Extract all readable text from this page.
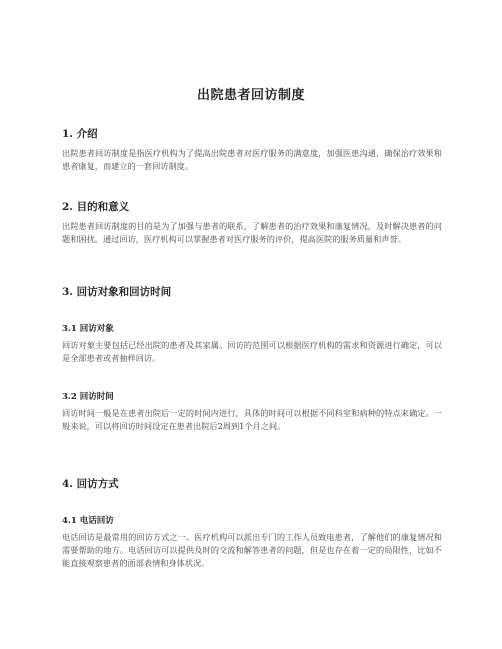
出院患者回访制度
1. 介绍

出院患者回访制度是指医疗机构为了提高出院患者对医疗服务的满意度，加强医患沟通，确保治疗效果和患者康复，而建立的一套回访制度。

2. 目的和意义

出院患者回访制度的目的是为了加强与患者的联系，了解患者的治疗效果和康复情况，及时解决患者的问题和困扰。通过回访，医疗机构可以掌握患者对医疗服务的评价，提高医院的服务质量和声誉。

3. 回访对象和回访时间
3.1 回访对象

回访对象主要包括已经出院的患者及其家属。回访的范围可以根据医疗机构的需求和资源进行确定，可以是全部患者或者抽样回访。

3.2 回访时间

回访时间一般是在患者出院后一定的时间内进行，具体的时间可以根据不同科室和病种的特点来确定。一般来说，可以将回访时间设定在患者出院后2周到1个月之间。

4. 回访方式
4.1 电话回访

电话回访是最常用的回访方式之一。医疗机构可以派出专门的工作人员致电患者，了解他们的康复情况和需要帮助的地方。电话回访可以提供及时的交流和解答患者的问题，但是也存在着一定的局限性，比如不能直接观察患者的面部表情和身体状况。
